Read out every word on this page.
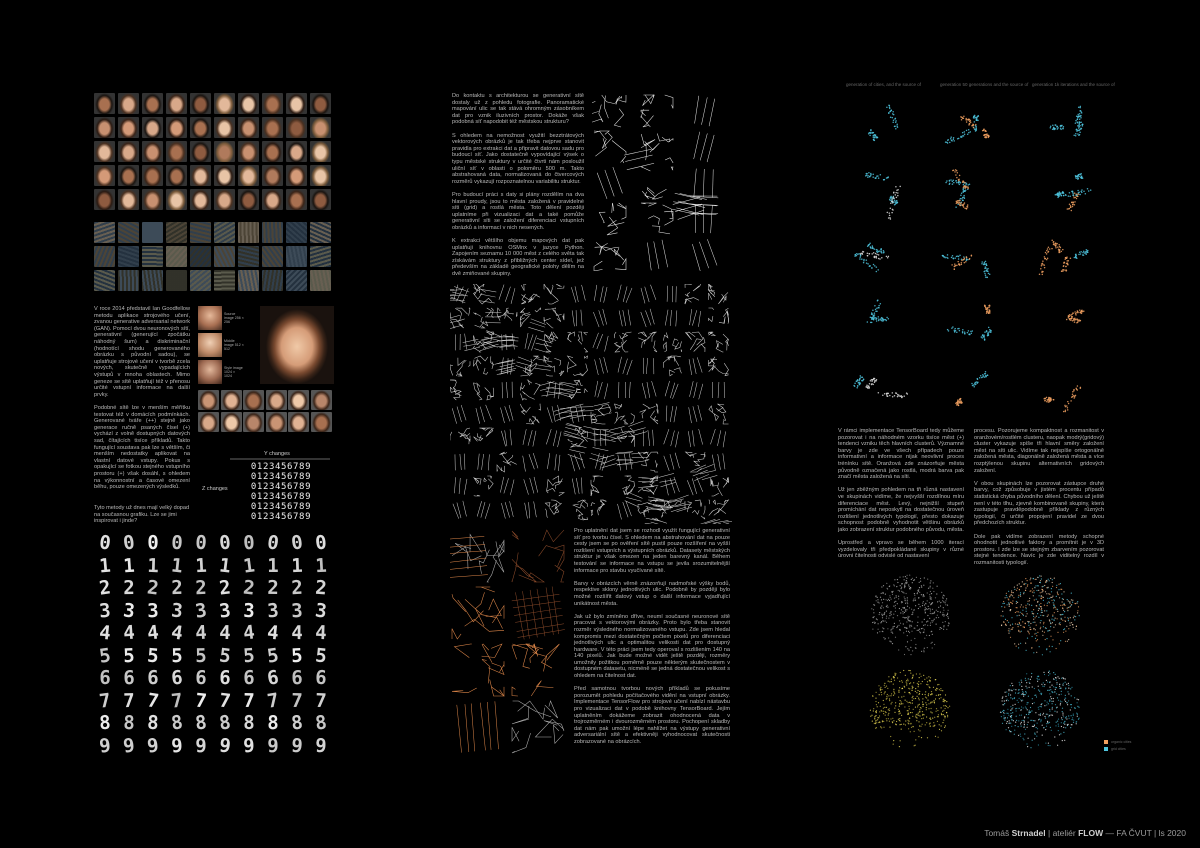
V roce 2014 představil Ian Goodfellow metodu aplikace strojového učení, zvanou generative adversarial network (GAN). Pomocí dvou neuronových sítí, generativní (generující zpočátku náhodný šum) a diskriminační (hodnotící shodu generovaného obrázku s původní sadou), se uplatňuje strojové učení v tvorbě zcela nových, skutečně vypadajících výstupů v mnoha oblastech. Mimo geneze se sítě uplatňují též v přenosu určité vstupní informace na další prvky.

Podobné sítě lze v menším měřítku testovat též v domácích podmínkách. Generované tváře (++) stejně jako generace ručně psaných čísel (+) vychází z volně dostupných datových sad, čítajících tisíce příkladů. Takto fungující soustava pak lze s větším, či menším nedostatky aplikovat na vlastní datové vstupy. Pokus s opakující se fotkou stejného vstupního prostoru (+) však dosáhl, s ohledem na výkonnostní a časové omezení běhu, pouze omezených výsledků.

Tyto metody už dnes mají velký dopad na současnou grafiku. Lze se jimi inspirovat i jinde?

Source image 256 × 256
Middle image 512 × 512
Style image 1024 × 1024
Y changes
Z changes
0123456789
0123456789
0123456789
0123456789
0123456789
0123456789
0 0 0 0 0 0 0 0 0 0
1 1 1 1 1 1 1 1 1 1
2 2 2 2 2 2 2 2 2 2
3 3 3 3 3 3 3 3 3 3
4 4 4 4 4 4 4 4 4 4
5 5 5 5 5 5 5 5 5 5
6 6 6 6 6 6 6 6 6 6
7 7 7 7 7 7 7 7 7 7
8 8 8 8 8 8 8 8 8 8
9 9 9 9 9 9 9 9 9 9

Do kontaktu s architekturou se generativní sítě dostaly už z pohledu fotografie. Panoramatické mapování ulic se tak stává ohromným zásobníkem dat pro vznik iluzivních prostor. Dokáže však podobná síť napodobit též městskou strukturu?

S ohledem na nemožnost využití bezztrátových vektorových obrázků je tak třeba nejprve stanovit pravidla pro extrakci dat a připravit datovou sadu pro budoucí síť. Jako dostatečně vypovídající výsek o typu městské struktury v určité čtvrti nám posloužil uliční síť v oblasti o poloměru 500 m. Takto abstrahovaná data, normalizovaná do čtvercových rozměrů vykazují rozpoznatelnou variabilitu struktur.

Pro budoucí práci s daty si plány rozdělím na dva hlavní proudy, jsou to města založená v pravidelné síti (grid) a rostlá města. Toto dělení později uplatníme při vizualizaci dat a také pomůže generativní síti se založení diferenciaci vstupních obrázků a informací v nich nesených.

K extrakci většího objemu mapových dat pak uplatňuji knihovnu OSMnx v jazyce Python. Zapojením seznamu 10 000 měst z celého světa tak získávám struktury z přibližných center sídel, jež především na základě geografické polohy dělím na dvě zmiňované skupiny.

Pro uplatnění dat jsem se rozhodl využít fungující generativní síť pro tvorbu čísel. S ohledem na abstrahování dat na pouze cesty jsem se po ověření sítě pustil pouze rozšíření na vyšší rozlišení vstupních a výstupních obrázků. Datasety městských struktur je však omezen na jeden barevný kanál. Během testování se informace na vstupu se jevila srozumitelnější informace pro stavbu vyučívané sítě.

Barvy v obrázcích věrně znázorňují nadmořské výšky bodů, respektive sklony jednotlivých ulic. Podobně by později bylo možné rozšířit datový vstup o další informace vyjadřující unikátnost města.

Jak už bylo zmíněno dříve, neumí současné neuronové sítě pracovat s vektorovými obrázky. Proto bylo třeba stanovit rozměr výsledného normalizovaného vstupu. Zde jsem hledal kompromis mezi dostatečným počtem pixelů pro diferenciaci jednotlivých ulic a optimalitou velikosti dat pro dostupný hardware. V této práci jsem tedy operoval s rozlišením 140 na 140 pixelů. Jak bude možné vidět ještě později, rozměry umožnily požitkou poměrně pouze některým skutečnostem v dostupném datasetu, nicméně se jedná dostatečnou velikost s ohledem na čitelnost dat.

Před samotnou tvorbou nových příkladů se pokusíme porozumět pohledu počítačového vidění na vstupní obrázky. Implementace TensorFlow pro strojové učení nabízí nástavbu pro vizualizaci dat v podobě knihovny TensorBoard. Jejím uplatněním dokážeme zobrazit ohodnocená data v trojrozměrném i dvourozměrném prostoru. Pochopení skladby dat nám pak umožní lépe nahlížet na výstupy generativní adversariální sítě a efektivněji vyhodnocovat skutečnosti zobrazované na obrázcích.

generation of cities, and the source of	generation 50 generations and the source of generation 1k iterations and the source of

V rámci implementace TensorBoard tedy můžeme pozorovat i na náhodném vzorku tisíce měst (+) tendenci vzniku těch hlavních clusterů. Významné barvy je zde ve všech případech pouze informativní a informace nijak neovlivní proces trénínku sítě. Oranžová zde znázorňuje města původně označená jako rostlá, modrá barva pak značí města založená na síti.

Už jen zběžným pohledem na tři různá nastavení ve skupinách vidíme, že nejvyšší rozdílnou míru diferenciace měst. Levý, nejnižší stupeň promíchání dat neposkytl na dostatečnou úroveň rozlišení jednotlivých typologií, přesto dokazuje schopnost podobně vyhodnotit většinu obrázků jako zobrazení struktur podobného původu, města.

Uprostřed a vpravo se během 1000 iterací vyzdelovaly tři předpokládané skupiny v různé úrovni čitelnosti odvislé od nastavení

procesu. Pozorujeme kompaktnost a rozmanitost v oranžovém/rostlém clusteru, naopak modrý(gridový) cluster vykazuje spíše tři hlavní směry založení měst na síti ulic. Vidíme tak nejspíše ortogonálně založená města, diagonálně založená města a více rozptýlenou skupinu alternativních gridových založení.

V obou skupinách lze pozorovat zástupce druhé barvy, což způsobuje v jistém procentu případů statistická chyba původního dělení. Chybou už ještě není v této tlhu, zjevně kombinovaně skupiny, která zastupuje pravděpodobně příklady z různých typologií, či určité propojení pravidel ze dvou předchozích struktur.

Dole pak vidíme zobrazení metody schopné ohodnotit jednotlivé faktory a promítnit je v 3D prostoru. I zde lze se stejným zbarvením pozorovat stejné tendence. Navíc je zde viditelný rozdíl v rozmanitosti typologií.

organic cities
grid cities
Tomáš Strnadel | ateliér FLOW — FA ČVUT | ls 2020
